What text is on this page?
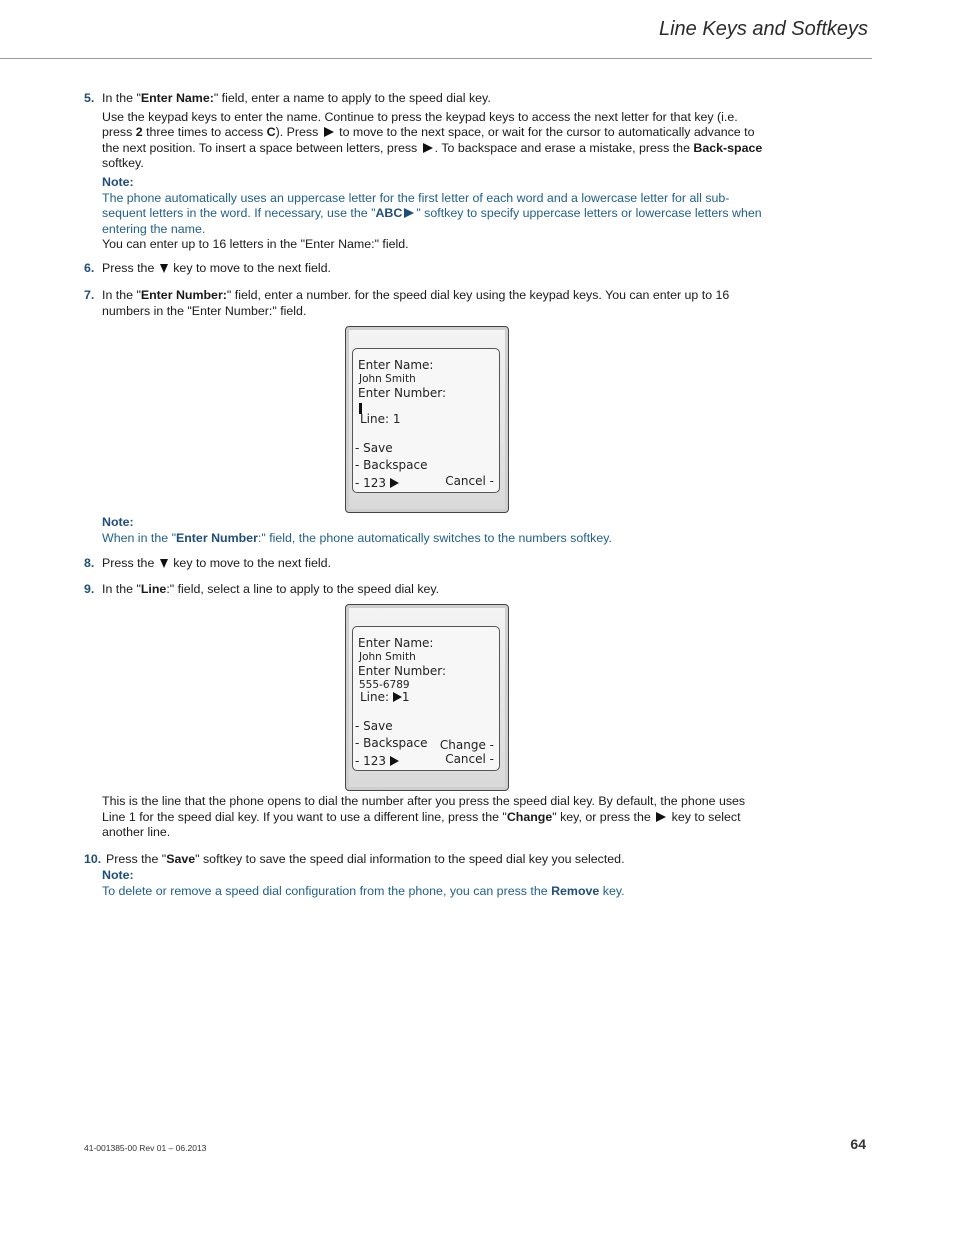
Line Keys and Softkeys
5. In the "Enter Name:" field, enter a name to apply to the speed dial key.

Use the keypad keys to enter the name. Continue to press the keypad keys to access the next letter for that key (i.e. press 2 three times to access C). Press  to move to the next space, or wait for the cursor to automatically advance to the next position. To insert a space between letters, press . To backspace and erase a mistake, press the Back-space softkey.

Note:

The phone automatically uses an uppercase letter for the first letter of each word and a lowercase letter for all sub-sequent letters in the word. If necessary, use the "ABC " softkey to specify uppercase letters or lowercase letters when entering the name.

You can enter up to 16 letters in the "Enter Name:" field.

6. Press the  key to move to the next field.

7. In the "Enter Number:" field, enter a number. for the speed dial key using the keypad keys. You can enter up to 16 numbers in the "Enter Number:" field.

Enter Name:
John Smith
Enter Number:
Line: 1
- Save
- Backspace
- 123	Cancel -
Note:

When in the "Enter Number:" field, the phone automatically switches to the numbers softkey.

8. Press the  key to move to the next field.

9. In the "Line:" field, select a line to apply to the speed dial key.

Enter Name:
John Smith
Enter Number:
555-6789
Line: 1
- Save
- Backspace Change -
- 123	Cancel -

This is the line that the phone opens to dial the number after you press the speed dial key. By default, the phone uses Line 1 for the speed dial key. If you want to use a different line, press the "Change" key, or press the  key to select another line.

10. Press the "Save" softkey to save the speed dial information to the speed dial key you selected.

Note:

To delete or remove a speed dial configuration from the phone, you can press the Remove key.

41-001385-00 Rev 01 – 06.2013	64
